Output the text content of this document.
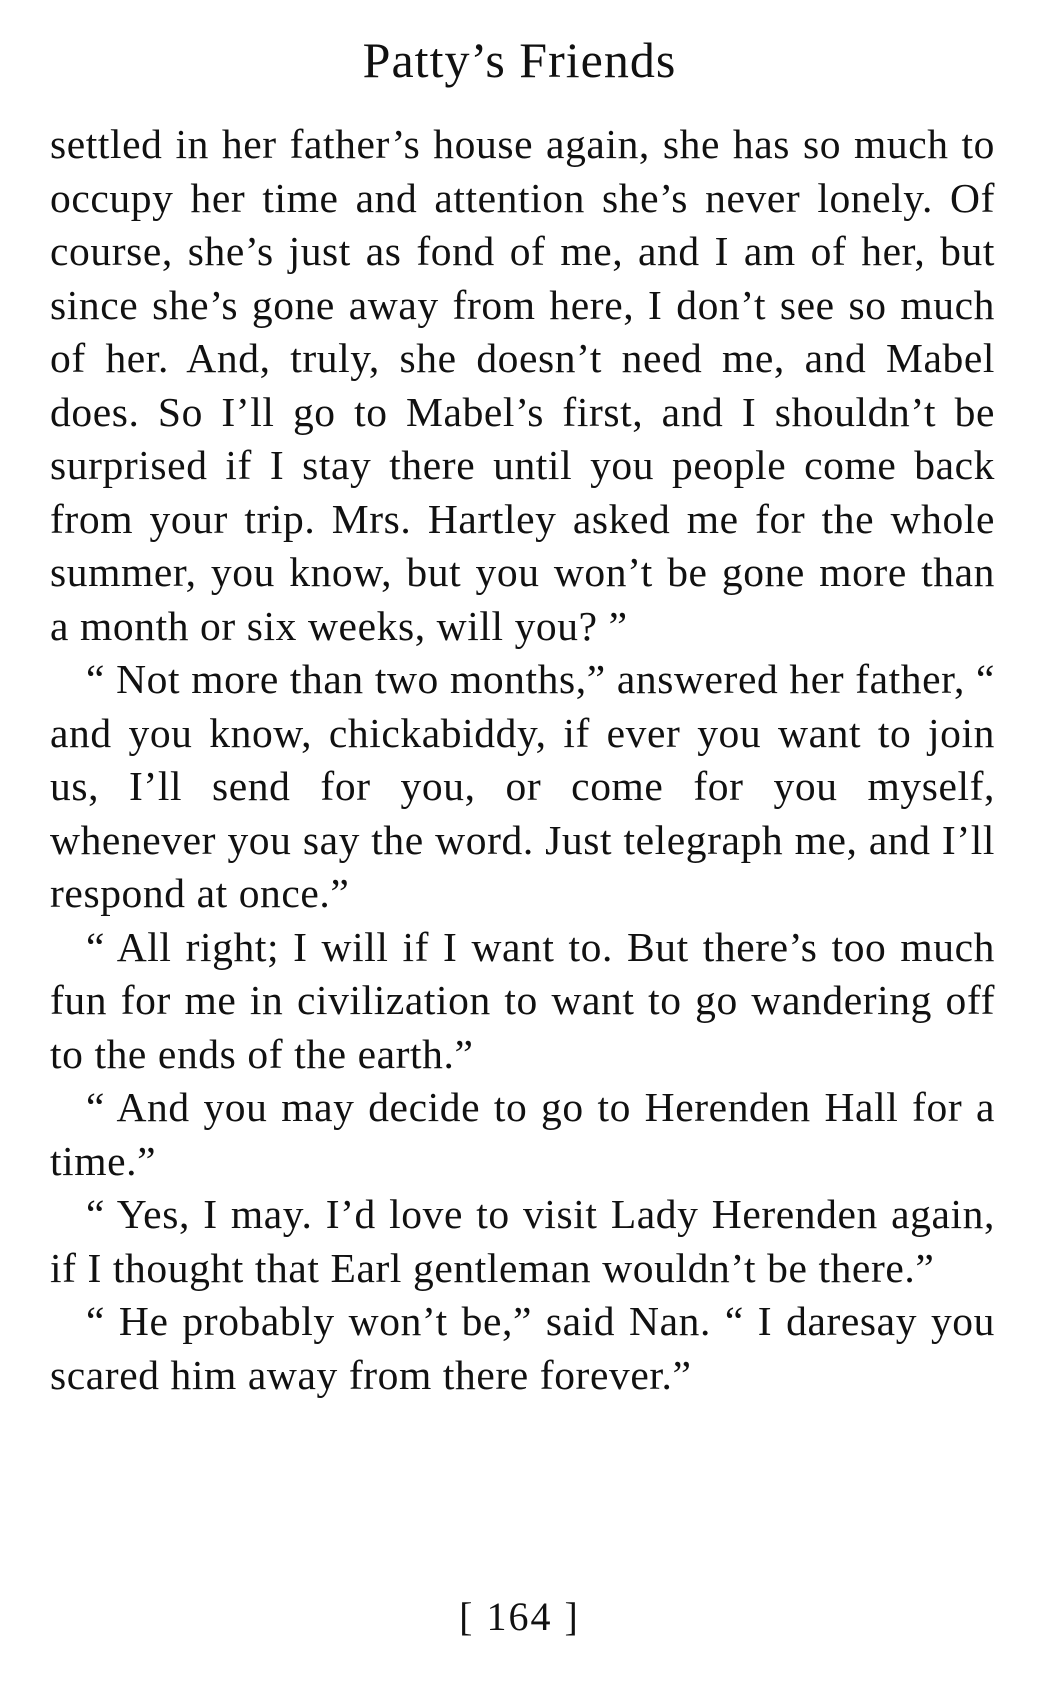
Patty’s Friends

settled in her father’s house again, she has so much to occupy her time and attention she’s never lonely. Of course, she’s just as fond of me, and I am of her, but since she’s gone away from here, I don’t see so much of her. And, truly, she doesn’t need me, and Mabel does. So I’ll go to Mabel’s first, and I shouldn’t be surprised if I stay there until you people come back from your trip. Mrs. Hartley asked me for the whole summer, you know, but you won’t be gone more than a month or six weeks, will you? ”

“ Not more than two months,” answered her father, “ and you know, chickabiddy, if ever you want to join us, I’ll send for you, or come for you myself, whenever you say the word. Just telegraph me, and I’ll respond at once.”

“ All right; I will if I want to. But there’s too much fun for me in civilization to want to go wandering off to the ends of the earth.”

“ And you may decide to go to Herenden Hall for a time.”

“ Yes, I may. I’d love to visit Lady Herenden again, if I thought that Earl gentleman wouldn’t be there.”

“ He probably won’t be,” said Nan. “ I daresay you scared him away from there forever.”

[ 164 ]
